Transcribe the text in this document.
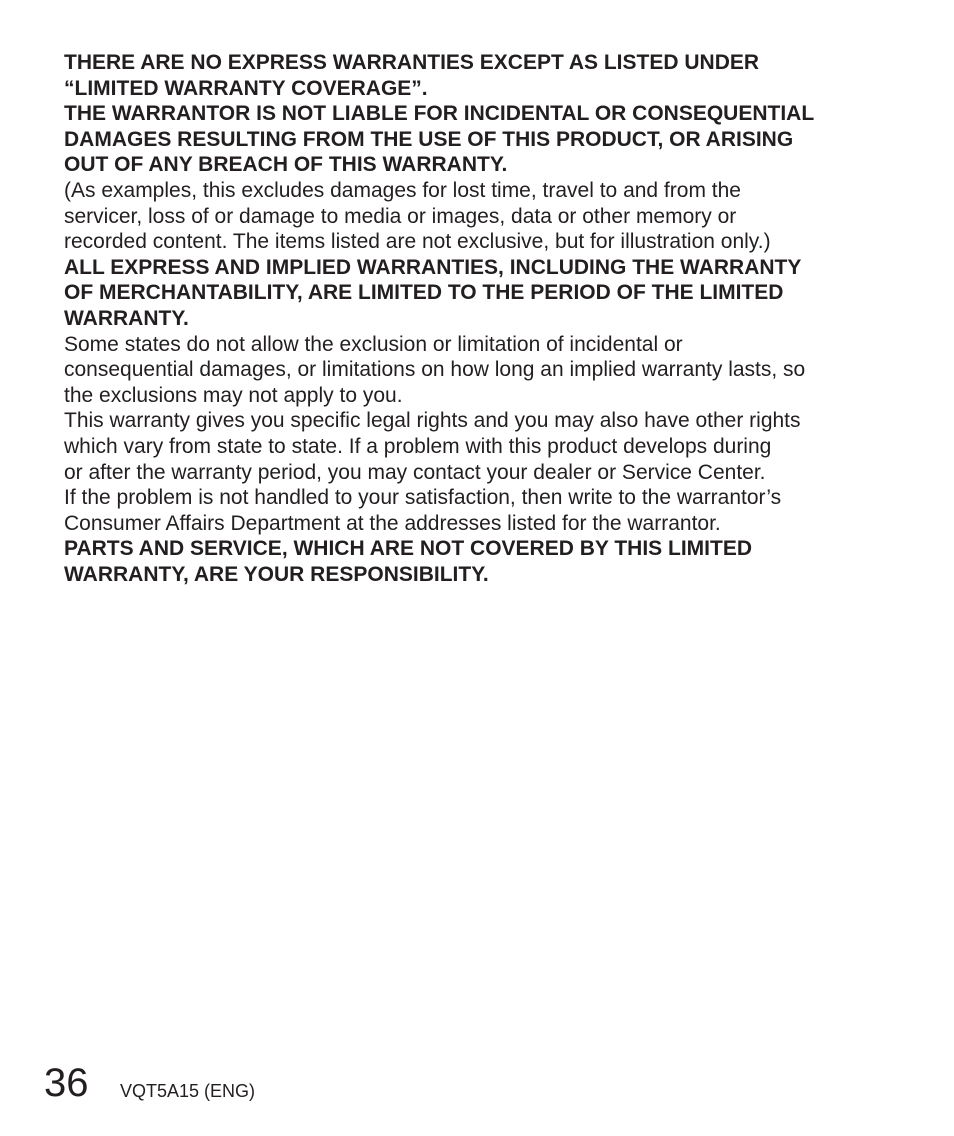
THERE ARE NO EXPRESS WARRANTIES EXCEPT AS LISTED UNDER
“LIMITED WARRANTY COVERAGE”.
THE WARRANTOR IS NOT LIABLE FOR INCIDENTAL OR CONSEQUENTIAL
DAMAGES RESULTING FROM THE USE OF THIS PRODUCT, OR ARISING
OUT OF ANY BREACH OF THIS WARRANTY.
(As examples, this excludes damages for lost time, travel to and from the
servicer, loss of or damage to media or images, data or other memory or
recorded content. The items listed are not exclusive, but for illustration only.)
ALL EXPRESS AND IMPLIED WARRANTIES, INCLUDING THE WARRANTY
OF MERCHANTABILITY, ARE LIMITED TO THE PERIOD OF THE LIMITED
WARRANTY.
Some states do not allow the exclusion or limitation of incidental or
consequential damages, or limitations on how long an implied warranty lasts, so
the exclusions may not apply to you.
This warranty gives you specific legal rights and you may also have other rights
which vary from state to state. If a problem with this product develops during
or after the warranty period, you may contact your dealer or Service Center.
If the problem is not handled to your satisfaction, then write to the warrantor’s
Consumer Affairs Department at the addresses listed for the warrantor.
PARTS AND SERVICE, WHICH ARE NOT COVERED BY THIS LIMITED
WARRANTY, ARE YOUR RESPONSIBILITY.
36 VQT5A15 (ENG)
